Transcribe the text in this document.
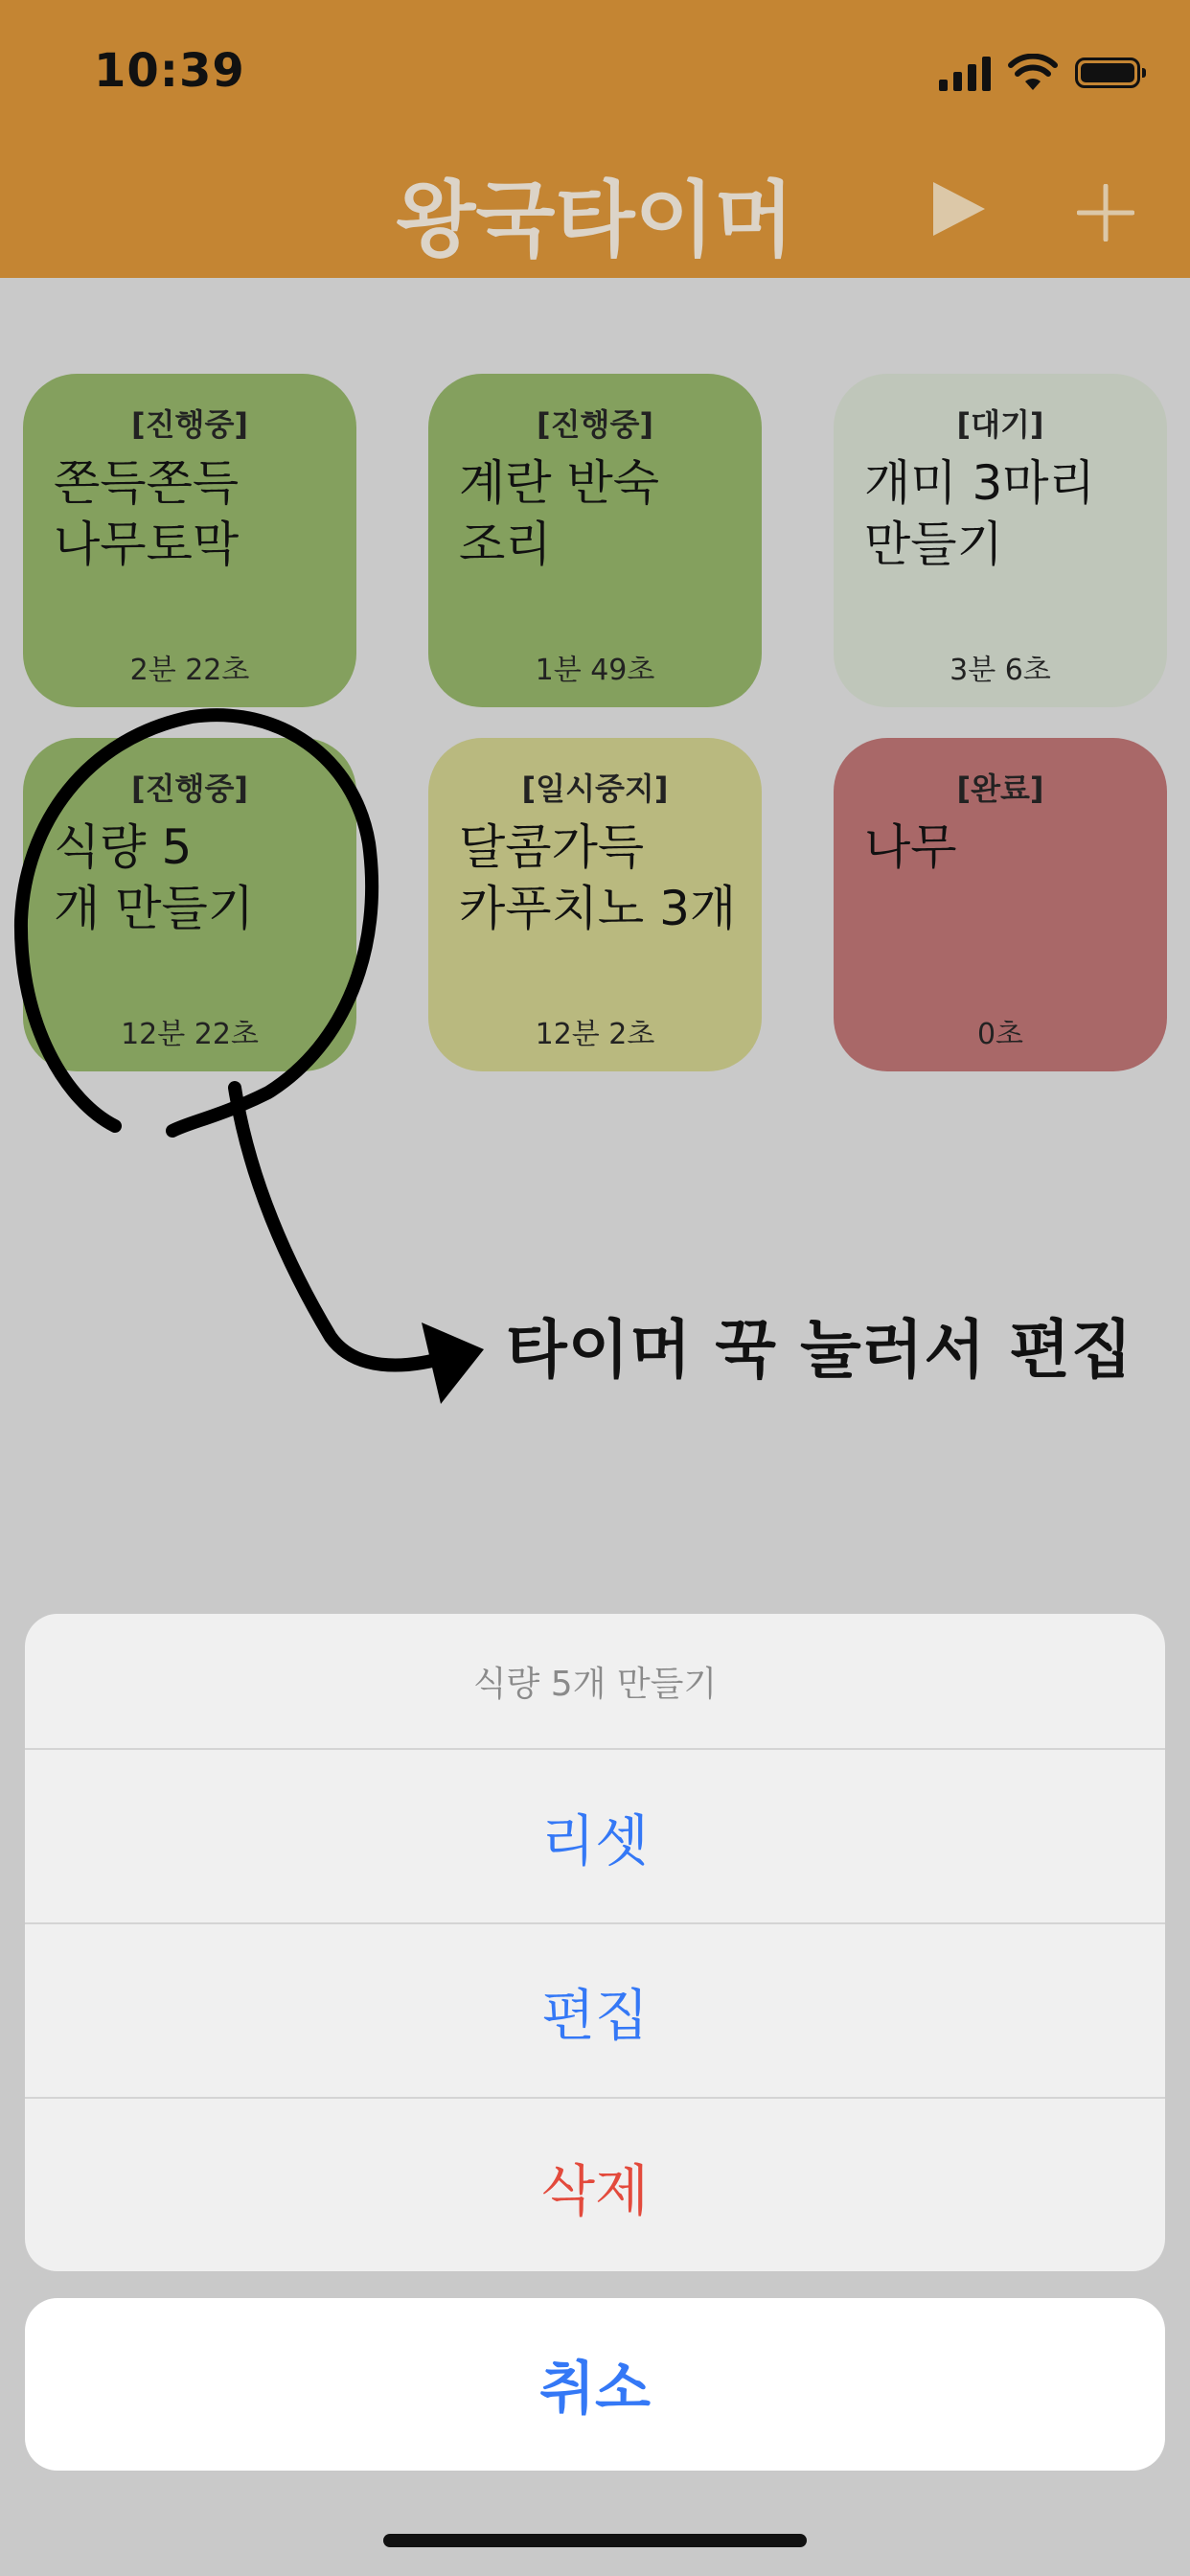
10:39
왕국타이머
[진행중]
쫀득쫀득
나무토막
2분 22초
[진행중]
계란 반숙
조리
1분 49초
[대기]
개미 3마리
만들기
3분 6초
[진행중]
식량 5
개 만들기
12분 22초
[일시중지]
달콤가득
카푸치노 3개
12분 2초
[완료]
나무
0초
타이머 꾹 눌러서 편집
식량 5개 만들기
리셋
편집
삭제
취소
